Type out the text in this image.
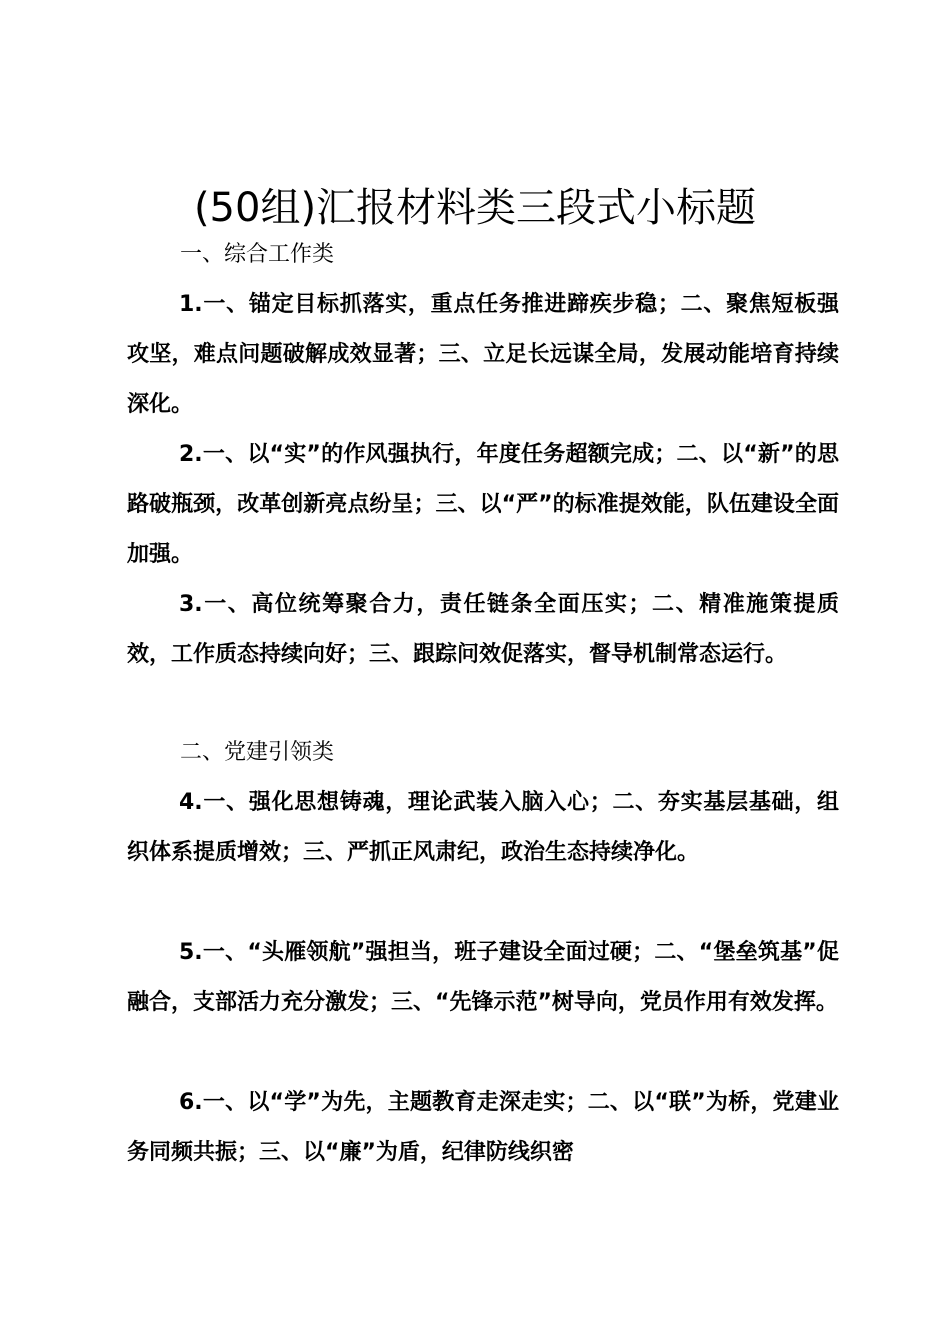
(50组)汇报材料类三段式小标题
一、综合工作类

1.一、锚定目标抓落实，重点任务推进蹄疾步稳；二、聚焦短板强攻坚，难点问题破解成效显著；三、立足长远谋全局，发展动能培育持续深化。

2.一、以“实”的作风强执行，年度任务超额完成；二、以“新”的思路破瓶颈，改革创新亮点纷呈；三、以“严”的标准提效能，队伍建设全面加强。

3.一、高位统筹聚合力，责任链条全面压实；二、精准施策提质效，工作质态持续向好；三、跟踪问效促落实，督导机制常态运行。

二、党建引领类

4.一、强化思想铸魂，理论武装入脑入心；二、夯实基层基础，组织体系提质增效；三、严抓正风肃纪，政治生态持续净化。

5.一、“头雁领航”强担当，班子建设全面过硬；二、“堡垒筑基”促融合，支部活力充分激发；三、“先锋示范”树导向，党员作用有效发挥。

6.一、以“学”为先，主题教育走深走实；二、以“联”为桥，党建业务同频共振；三、以“廉”为盾，纪律防线织密
